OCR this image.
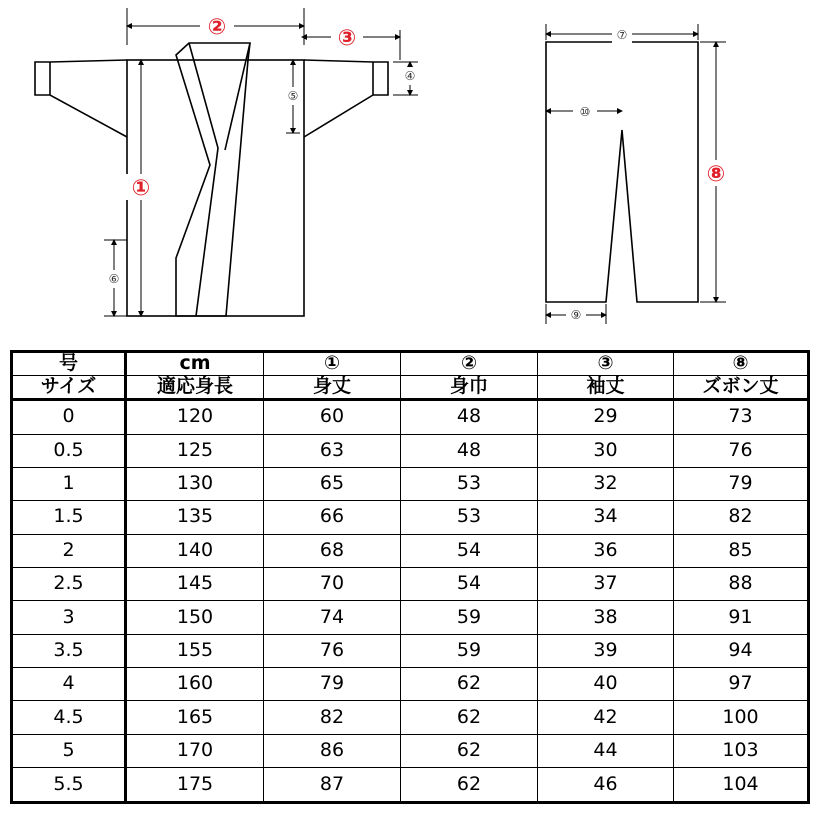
②	③
④
⑤
①
⑥
⑦
⑩
⑧
⑨
号	cm	①	②	③	⑧
サイズ	適応身長	身丈	身巾	袖丈	ズボン丈
0	120	60	48	29	73
0.5	125	63	48	30	76
1	130	65	53	32	79
1.5	135	66	53	34	82
2	140	68	54	36	85
2.5	145	70	54	37	88
3	150	74	59	38	91
3.5	155	76	59	39	94
4	160	79	62	40	97
4.5	165	82	62	42	100
5	170	86	62	44	103
5.5	175	87	62	46	104
